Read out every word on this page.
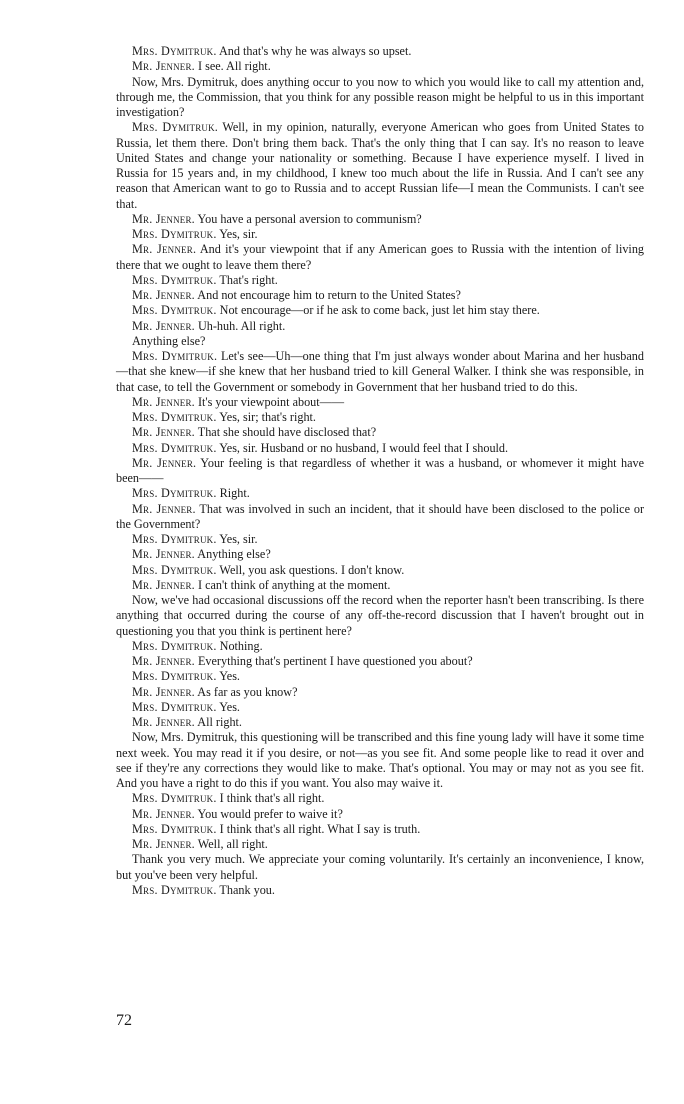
Mrs. Dymitruk. And that's why he was always so upset.

Mr. Jenner. I see. All right.

Now, Mrs. Dymitruk, does anything occur to you now to which you would like to call my attention and, through me, the Commission, that you think for any possible reason might be helpful to us in this important investigation?

Mrs. Dymitruk. Well, in my opinion, naturally, everyone American who goes from United States to Russia, let them there. Don't bring them back. That's the only thing that I can say. It's no reason to leave United States and change your nationality or something. Because I have experience myself. I lived in Russia for 15 years and, in my childhood, I knew too much about the life in Russia. And I can't see any reason that American want to go to Russia and to accept Russian life—I mean the Communists. I can't see that.

Mr. Jenner. You have a personal aversion to communism?

Mrs. Dymitruk. Yes, sir.

Mr. Jenner. And it's your viewpoint that if any American goes to Russia with the intention of living there that we ought to leave them there?

Mrs. Dymitruk. That's right.

Mr. Jenner. And not encourage him to return to the United States?

Mrs. Dymitruk. Not encourage—or if he ask to come back, just let him stay there.

Mr. Jenner. Uh-huh. All right.

Anything else?

Mrs. Dymitruk. Let's see—Uh—one thing that I'm just always wonder about Marina and her husband—that she knew—if she knew that her husband tried to kill General Walker. I think she was responsible, in that case, to tell the Government or somebody in Government that her husband tried to do this.

Mr. Jenner. It's your viewpoint about——

Mrs. Dymitruk. Yes, sir; that's right.

Mr. Jenner. That she should have disclosed that?

Mrs. Dymitruk. Yes, sir. Husband or no husband, I would feel that I should.

Mr. Jenner. Your feeling is that regardless of whether it was a husband, or whomever it might have been——

Mrs. Dymitruk. Right.

Mr. Jenner. That was involved in such an incident, that it should have been disclosed to the police or the Government?

Mrs. Dymitruk. Yes, sir.

Mr. Jenner. Anything else?

Mrs. Dymitruk. Well, you ask questions. I don't know.

Mr. Jenner. I can't think of anything at the moment.

Now, we've had occasional discussions off the record when the reporter hasn't been transcribing. Is there anything that occurred during the course of any off-the-record discussion that I haven't brought out in questioning you that you think is pertinent here?

Mrs. Dymitruk. Nothing.

Mr. Jenner. Everything that's pertinent I have questioned you about?

Mrs. Dymitruk. Yes.

Mr. Jenner. As far as you know?

Mrs. Dymitruk. Yes.

Mr. Jenner. All right.

Now, Mrs. Dymitruk, this questioning will be transcribed and this fine young lady will have it some time next week. You may read it if you desire, or not—as you see fit. And some people like to read it over and see if they're any corrections they would like to make. That's optional. You may or may not as you see fit. And you have a right to do this if you want. You also may waive it.

Mrs. Dymitruk. I think that's all right.

Mr. Jenner. You would prefer to waive it?

Mrs. Dymitruk. I think that's all right. What I say is truth.

Mr. Jenner. Well, all right.

Thank you very much. We appreciate your coming voluntarily. It's certainly an inconvenience, I know, but you've been very helpful.

Mrs. Dymitruk. Thank you.

72
